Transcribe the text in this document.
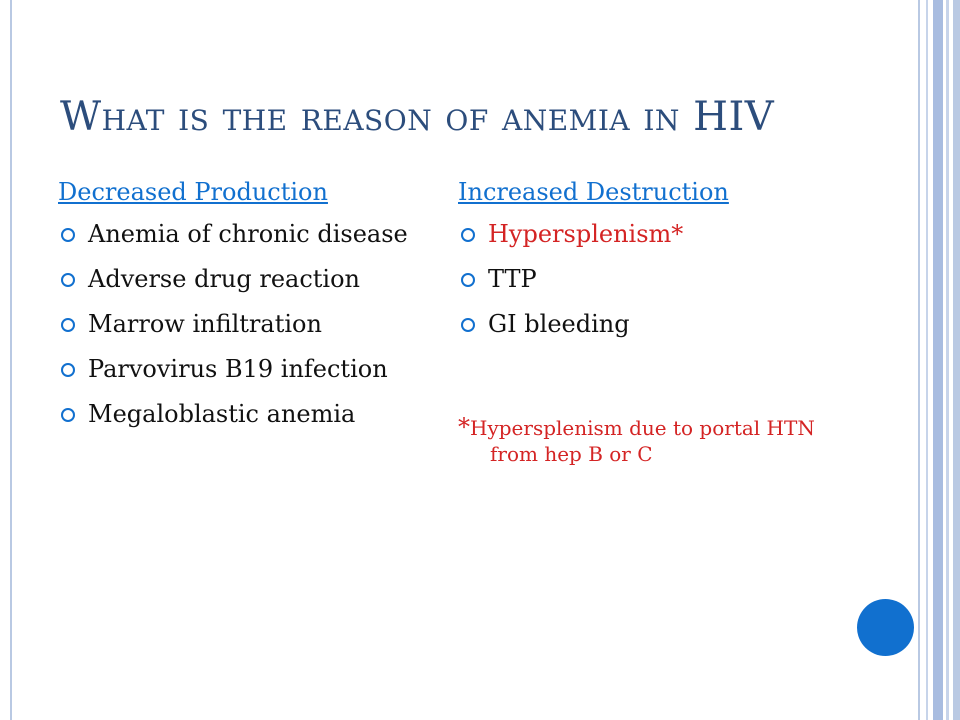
What is the reason of anemia in HIV
Decreased Production
Anemia of chronic disease
Adverse drug reaction
Marrow infiltration
Parvovirus B19 infection
Megaloblastic anemia
Increased Destruction
Hypersplenism*
TTP
GI bleeding
*Hypersplenism due to portal HTN from hep B or C
